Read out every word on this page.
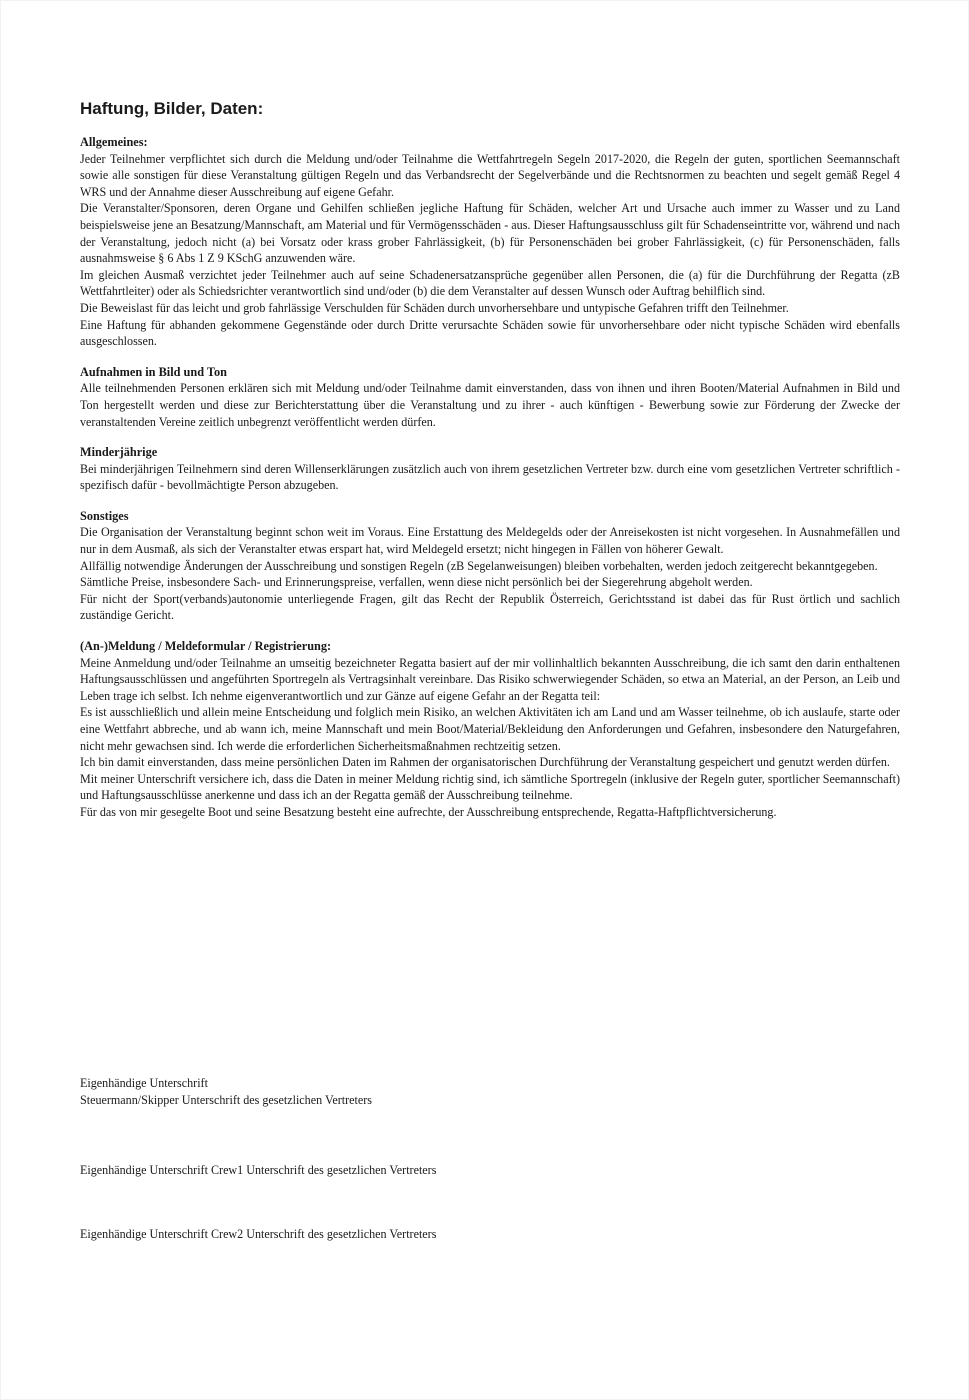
Haftung, Bilder, Daten:

Allgemeines:

Jeder Teilnehmer verpflichtet sich durch die Meldung und/oder Teilnahme die Wettfahrtregeln Segeln 2017-2020, die Regeln der guten, sportlichen Seemannschaft sowie alle sonstigen für diese Veranstaltung gültigen Regeln und das Verbandsrecht der Segelverbände und die Rechtsnormen zu beachten und segelt gemäß Regel 4 WRS und der Annahme dieser Ausschreibung auf eigene Gefahr.

Die Veranstalter/Sponsoren, deren Organe und Gehilfen schließen jegliche Haftung für Schäden, welcher Art und Ursache auch immer zu Wasser und zu Land beispielsweise jene an Besatzung/Mannschaft, am Material und für Vermögensschäden - aus. Dieser Haftungsausschluss gilt für Schadenseintritte vor, während und nach der Veranstaltung, jedoch nicht (a) bei Vorsatz oder krass grober Fahrlässigkeit, (b) für Personenschäden bei grober Fahrlässigkeit, (c) für Personenschäden, falls ausnahmsweise § 6 Abs 1 Z 9 KSchG anzuwenden wäre.

Im gleichen Ausmaß verzichtet jeder Teilnehmer auch auf seine Schadenersatzansprüche gegenüber allen Personen, die (a) für die Durchführung der Regatta (zB Wettfahrtleiter) oder als Schiedsrichter verantwortlich sind und/oder (b) die dem Veranstalter auf dessen Wunsch oder Auftrag behilflich sind.

Die Beweislast für das leicht und grob fahrlässige Verschulden für Schäden durch unvorhersehbare und untypische Gefahren trifft den Teilnehmer.

Eine Haftung für abhanden gekommene Gegenstände oder durch Dritte verursachte Schäden sowie für unvorhersehbare oder nicht typische Schäden wird ebenfalls ausgeschlossen.

Aufnahmen in Bild und Ton

Alle teilnehmenden Personen erklären sich mit Meldung und/oder Teilnahme damit einverstanden, dass von ihnen und ihren Booten/Material Aufnahmen in Bild und Ton hergestellt werden und diese zur Berichterstattung über die Veranstaltung und zu ihrer - auch künftigen - Bewerbung sowie zur Förderung der Zwecke der veranstaltenden Vereine zeitlich unbegrenzt veröffentlicht werden dürfen.

Minderjährige

Bei minderjährigen Teilnehmern sind deren Willenserklärungen zusätzlich auch von ihrem gesetzlichen Vertreter bzw. durch eine vom gesetzlichen Vertreter schriftlich - spezifisch dafür - bevollmächtigte Person abzugeben.

Sonstiges

Die Organisation der Veranstaltung beginnt schon weit im Voraus. Eine Erstattung des Meldegelds oder der Anreisekosten ist nicht vorgesehen. In Ausnahmefällen und nur in dem Ausmaß, als sich der Veranstalter etwas erspart hat, wird Meldegeld ersetzt; nicht hingegen in Fällen von höherer Gewalt.

Allfällig notwendige Änderungen der Ausschreibung und sonstigen Regeln (zB Segelanweisungen) bleiben vorbehalten, werden jedoch zeitgerecht bekanntgegeben.

Sämtliche Preise, insbesondere Sach- und Erinnerungspreise, verfallen, wenn diese nicht persönlich bei der Siegerehrung abgeholt werden.

Für nicht der Sport(verbands)autonomie unterliegende Fragen, gilt das Recht der Republik Österreich, Gerichtsstand ist dabei das für Rust örtlich und sachlich zuständige Gericht.

(An-)Meldung / Meldeformular / Registrierung:

Meine Anmeldung und/oder Teilnahme an umseitig bezeichneter Regatta basiert auf der mir vollinhaltlich bekannten Ausschreibung, die ich samt den darin enthaltenen Haftungsausschlüssen und angeführten Sportregeln als Vertragsinhalt vereinbare. Das Risiko schwerwiegender Schäden, so etwa an Material, an der Person, an Leib und Leben trage ich selbst. Ich nehme eigenverantwortlich und zur Gänze auf eigene Gefahr an der Regatta teil:

Es ist ausschließlich und allein meine Entscheidung und folglich mein Risiko, an welchen Aktivitäten ich am Land und am Wasser teilnehme, ob ich auslaufe, starte oder eine Wettfahrt abbreche, und ab wann ich, meine Mannschaft und mein Boot/Material/Bekleidung den Anforderungen und Gefahren, insbesondere den Naturgefahren, nicht mehr gewachsen sind. Ich werde die erforderlichen Sicherheitsmaßnahmen rechtzeitig setzen.

Ich bin damit einverstanden, dass meine persönlichen Daten im Rahmen der organisatorischen Durchführung der Veranstaltung gespeichert und genutzt werden dürfen.

Mit meiner Unterschrift versichere ich, dass die Daten in meiner Meldung richtig sind, ich sämtliche Sportregeln (inklusive der Regeln guter, sportlicher Seemannschaft) und Haftungsausschlüsse anerkenne und dass ich an der Regatta gemäß der Ausschreibung teilnehme.

Für das von mir gesegelte Boot und seine Besatzung besteht eine aufrechte, der Ausschreibung entsprechende, Regatta-Haftpflichtversicherung.

Eigenhändige Unterschrift

Steuermann/Skipper Unterschrift des gesetzlichen Vertreters

Eigenhändige Unterschrift Crew1 Unterschrift des gesetzlichen Vertreters

Eigenhändige Unterschrift Crew2 Unterschrift des gesetzlichen Vertreters
